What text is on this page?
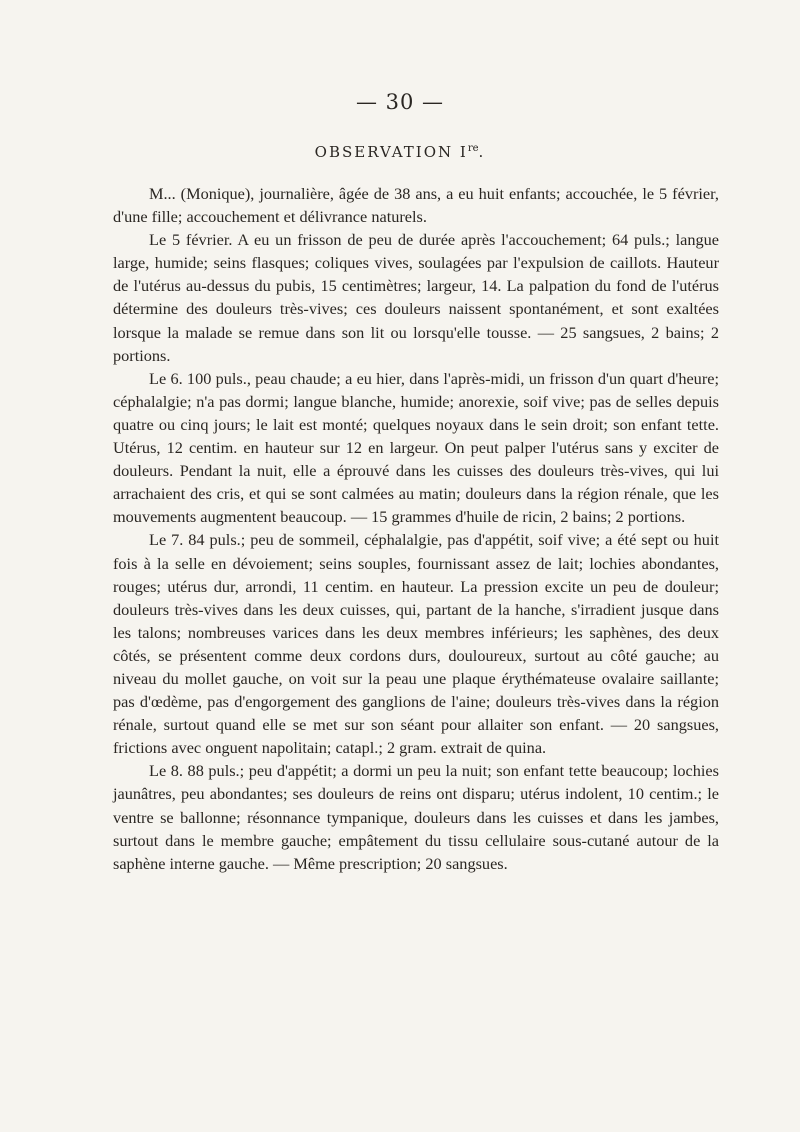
— 30 —
OBSERVATION Ire.

M... (Monique), journalière, âgée de 38 ans, a eu huit enfants; accouchée, le 5 février, d'une fille; accouchement et délivrance naturels.

Le 5 février. A eu un frisson de peu de durée après l'accouchement; 64 puls.; langue large, humide; seins flasques; coliques vives, soulagées par l'expulsion de caillots. Hauteur de l'utérus au-dessus du pubis, 15 centimètres; largeur, 14. La palpation du fond de l'utérus détermine des douleurs très-vives; ces douleurs naissent spontanément, et sont exaltées lorsque la malade se remue dans son lit ou lorsqu'elle tousse. — 25 sangsues, 2 bains; 2 portions.

Le 6. 100 puls., peau chaude; a eu hier, dans l'après-midi, un frisson d'un quart d'heure; céphalalgie; n'a pas dormi; langue blanche, humide; anorexie, soif vive; pas de selles depuis quatre ou cinq jours; le lait est monté; quelques noyaux dans le sein droit; son enfant tette. Utérus, 12 centim. en hauteur sur 12 en largeur. On peut palper l'utérus sans y exciter de douleurs. Pendant la nuit, elle a éprouvé dans les cuisses des douleurs très-vives, qui lui arrachaient des cris, et qui se sont calmées au matin; douleurs dans la région rénale, que les mouvements augmentent beaucoup. — 15 grammes d'huile de ricin, 2 bains; 2 portions.

Le 7. 84 puls.; peu de sommeil, céphalalgie, pas d'appétit, soif vive; a été sept ou huit fois à la selle en dévoiement; seins souples, fournissant assez de lait; lochies abondantes, rouges; utérus dur, arrondi, 11 centim. en hauteur. La pression excite un peu de douleur; douleurs très-vives dans les deux cuisses, qui, partant de la hanche, s'irradient jusque dans les talons; nombreuses varices dans les deux membres inférieurs; les saphènes, des deux côtés, se présentent comme deux cordons durs, douloureux, surtout au côté gauche; au niveau du mollet gauche, on voit sur la peau une plaque érythémateuse ovalaire saillante; pas d'œdème, pas d'engorgement des ganglions de l'aine; douleurs très-vives dans la région rénale, surtout quand elle se met sur son séant pour allaiter son enfant. — 20 sangsues, frictions avec onguent napolitain; catapl.; 2 gram. extrait de quina.

Le 8. 88 puls.; peu d'appétit; a dormi un peu la nuit; son enfant tette beaucoup; lochies jaunâtres, peu abondantes; ses douleurs de reins ont disparu; utérus indolent, 10 centim.; le ventre se ballonne; résonnance tympanique, douleurs dans les cuisses et dans les jambes, surtout dans le membre gauche; empâtement du tissu cellulaire sous-cutané autour de la saphène interne gauche. — Même prescription; 20 sangsues.
